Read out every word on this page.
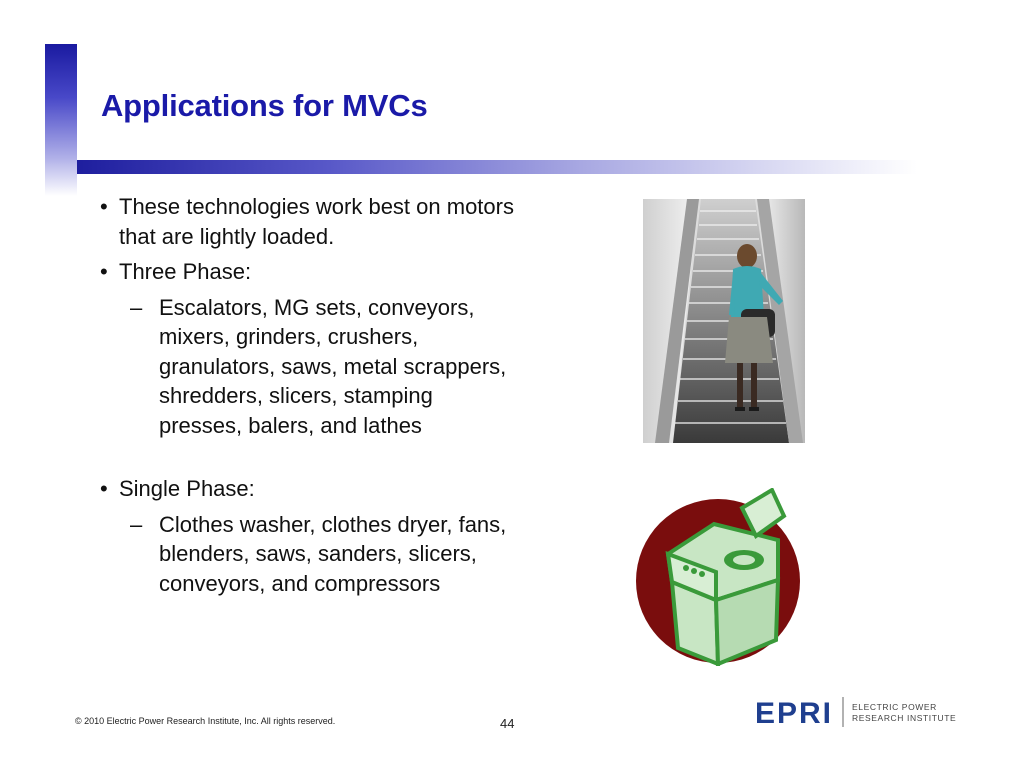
Applications for MVCs
• These technologies work best on motors that are lightly loaded.
• Three Phase:
– Escalators, MG sets, conveyors, mixers, grinders, crushers, granulators, saws, metal scrappers, shredders, slicers, stamping presses, balers, and lathes
• Single Phase:
– Clothes washer, clothes dryer, fans, blenders, saws, sanders, slicers, conveyors, and compressors
© 2010 Electric Power Research Institute, Inc. All rights reserved.	44	EPRI ELECTRIC POWER
RESEARCH INSTITUTE
